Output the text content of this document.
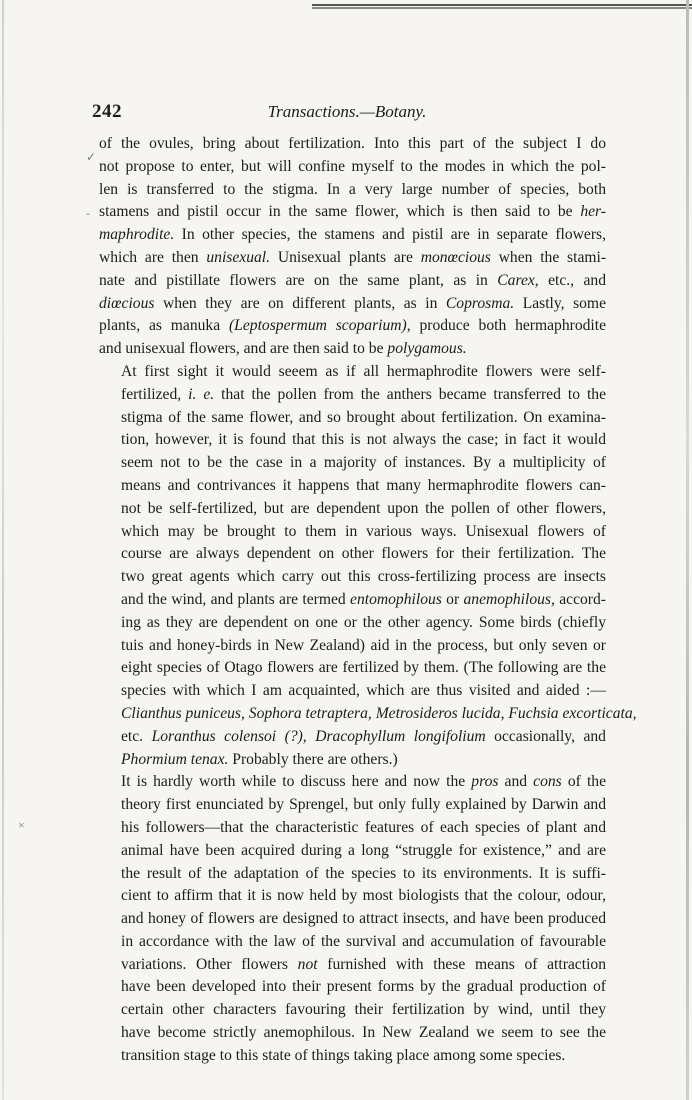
242	Transactions.—Botany.

of the ovules, bring about fertilization. Into this part of the subject I do
not propose to enter, but will confine myself to the modes in which the pol-
len is transferred to the stigma. In a very large number of species, both
stamens and pistil occur in the same flower, which is then said to be her-
maphrodite. In other species, the stamens and pistil are in separate flowers,
which are then unisexual. Unisexual plants are monœcious when the stami-
nate and pistillate flowers are on the same plant, as in Carex, etc., and
diœcious when they are on different plants, as in Coprosma. Lastly, some
plants, as manuka (Leptospermum scoparium), produce both hermaphrodite
and unisexual flowers, and are then said to be polygamous.

At first sight it would seeem as if all hermaphrodite flowers were self-
fertilized, i. e. that the pollen from the anthers became transferred to the
stigma of the same flower, and so brought about fertilization. On examina-
tion, however, it is found that this is not always the case; in fact it would
seem not to be the case in a majority of instances. By a multiplicity of
means and contrivances it happens that many hermaphrodite flowers can-
not be self-fertilized, but are dependent upon the pollen of other flowers,
which may be brought to them in various ways. Unisexual flowers of
course are always dependent on other flowers for their fertilization. The
two great agents which carry out this cross-fertilizing process are insects
and the wind, and plants are termed entomophilous or anemophilous, accord-
ing as they are dependent on one or the other agency. Some birds (chiefly
tuis and honey-birds in New Zealand) aid in the process, but only seven or
eight species of Otago flowers are fertilized by them. (The following are the
species with which I am acquainted, which are thus visited and aided :—
Clianthus puniceus, Sophora tetraptera, Metrosideros lucida, Fuchsia excorticata,
etc. Loranthus colensoi (?), Dracophyllum longifolium occasionally, and
Phormium tenax. Probably there are others.)

It is hardly worth while to discuss here and now the pros and cons of the
theory first enunciated by Sprengel, but only fully explained by Darwin and
his followers—that the characteristic features of each species of plant and
animal have been acquired during a long “struggle for existence,” and are
the result of the adaptation of the species to its environments. It is suffi-
cient to affirm that it is now held by most biologists that the colour, odour,
and honey of flowers are designed to attract insects, and have been produced
in accordance with the law of the survival and accumulation of favourable
variations. Other flowers not furnished with these means of attraction
have been developed into their present forms by the gradual production of
certain other characters favouring their fertilization by wind, until they
have become strictly anemophilous. In New Zealand we seem to see the
transition stage to this state of things taking place among some species.

✓
-
×
